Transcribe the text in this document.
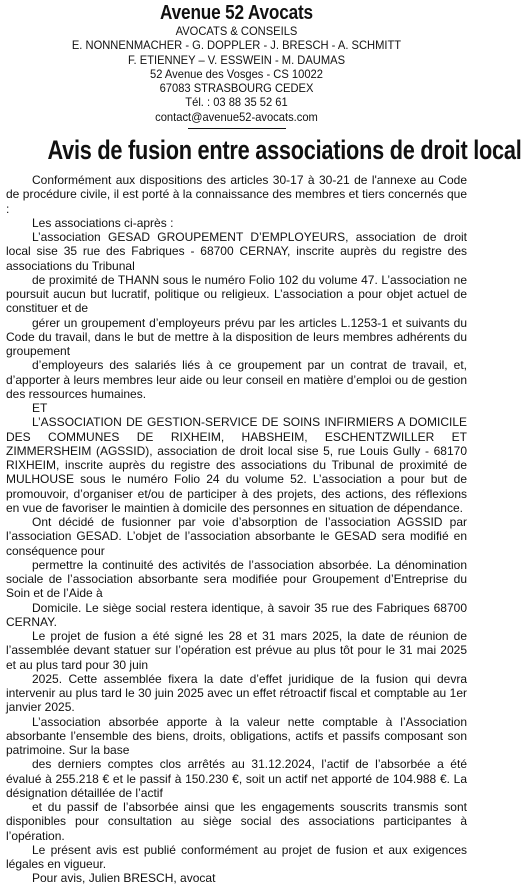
Avenue 52 Avocats

AVOCATS & CONSEILS

E. NONNENMACHER - G. DOPPLER - J. BRESCH - A. SCHMITT

F. ETIENNEY – V. ESSWEIN - M. DAUMAS

52 Avenue des Vosges - CS 10022

67083 STRASBOURG CEDEX

Tél. : 03 88 35 52 61

contact@avenue52-avocats.com

Avis de fusion entre associations de droit local

Conformément aux dispositions des articles 30-17 à 30-21 de l'annexe au Code de procédure civile, il est porté à la connaissance des membres et tiers concernés que :

Les associations ci-après :

L’association GESAD GROUPEMENT D’EMPLOYEURS, association de droit local sise 35 rue des Fabriques - 68700 CERNAY, inscrite auprès du registre des associations du Tribunal

de proximité de THANN sous le numéro Folio 102 du volume 47. L’association ne poursuit aucun but lucratif, politique ou religieux. L’association a pour objet actuel de constituer et de

gérer un groupement d’employeurs prévu par les articles L.1253-1 et suivants du Code du travail, dans le but de mettre à la disposition de leurs membres adhérents du groupement

d’employeurs des salariés liés à ce groupement par un contrat de travail, et, d’apporter à leurs membres leur aide ou leur conseil en matière d’emploi ou de gestion des ressources humaines.

ET

L’ASSOCIATION DE GESTION-SERVICE DE SOINS INFIRMIERS A DOMICILE DES COMMUNES DE RIXHEIM, HABSHEIM, ESCHENTZWILLER ET ZIMMERSHEIM (AGSSID), association de droit local sise 5, rue Louis Gully - 68170 RIXHEIM, inscrite auprès du registre des associations du Tribunal de proximité de MULHOUSE sous le numéro Folio 24 du volume 52. L’association a pour but de promouvoir, d’organiser et/ou de participer à des projets, des actions, des réflexions en vue de favoriser le maintien à domicile des personnes en situation de dépendance.

Ont décidé de fusionner par voie d’absorption de l’association AGSSID par l’association GESAD. L’objet de l’association absorbante le GESAD sera modifié en conséquence pour

permettre la continuité des activités de l’association absorbée. La dénomination sociale de l’association absorbante sera modifiée pour Groupement d’Entreprise du Soin et de l’Aide à

Domicile. Le siège social restera identique, à savoir 35 rue des Fabriques 68700 CERNAY.

Le projet de fusion a été signé les 28 et 31 mars 2025, la date de réunion de l’assemblée devant statuer sur l’opération est prévue au plus tôt pour le 31 mai 2025 et au plus tard pour 30 juin

2025. Cette assemblée fixera la date d’effet juridique de la fusion qui devra intervenir au plus tard le 30 juin 2025 avec un effet rétroactif fiscal et comptable au 1er janvier 2025.

L’association absorbée apporte à la valeur nette comptable à l’Association absorbante l’ensemble des biens, droits, obligations, actifs et passifs composant son patrimoine. Sur la base

des derniers comptes clos arrêtés au 31.12.2024, l’actif de l’absorbée a été évalué à 255.218 € et le passif à 150.230 €, soit un actif net apporté de 104.988 €. La désignation détaillée de l’actif

et du passif de l’absorbée ainsi que les engagements souscrits transmis sont disponibles pour consultation au siège social des associations participantes à l’opération.

Le présent avis est publié conformément au projet de fusion et aux exigences légales en vigueur.

Pour avis, Julien BRESCH, avocat
